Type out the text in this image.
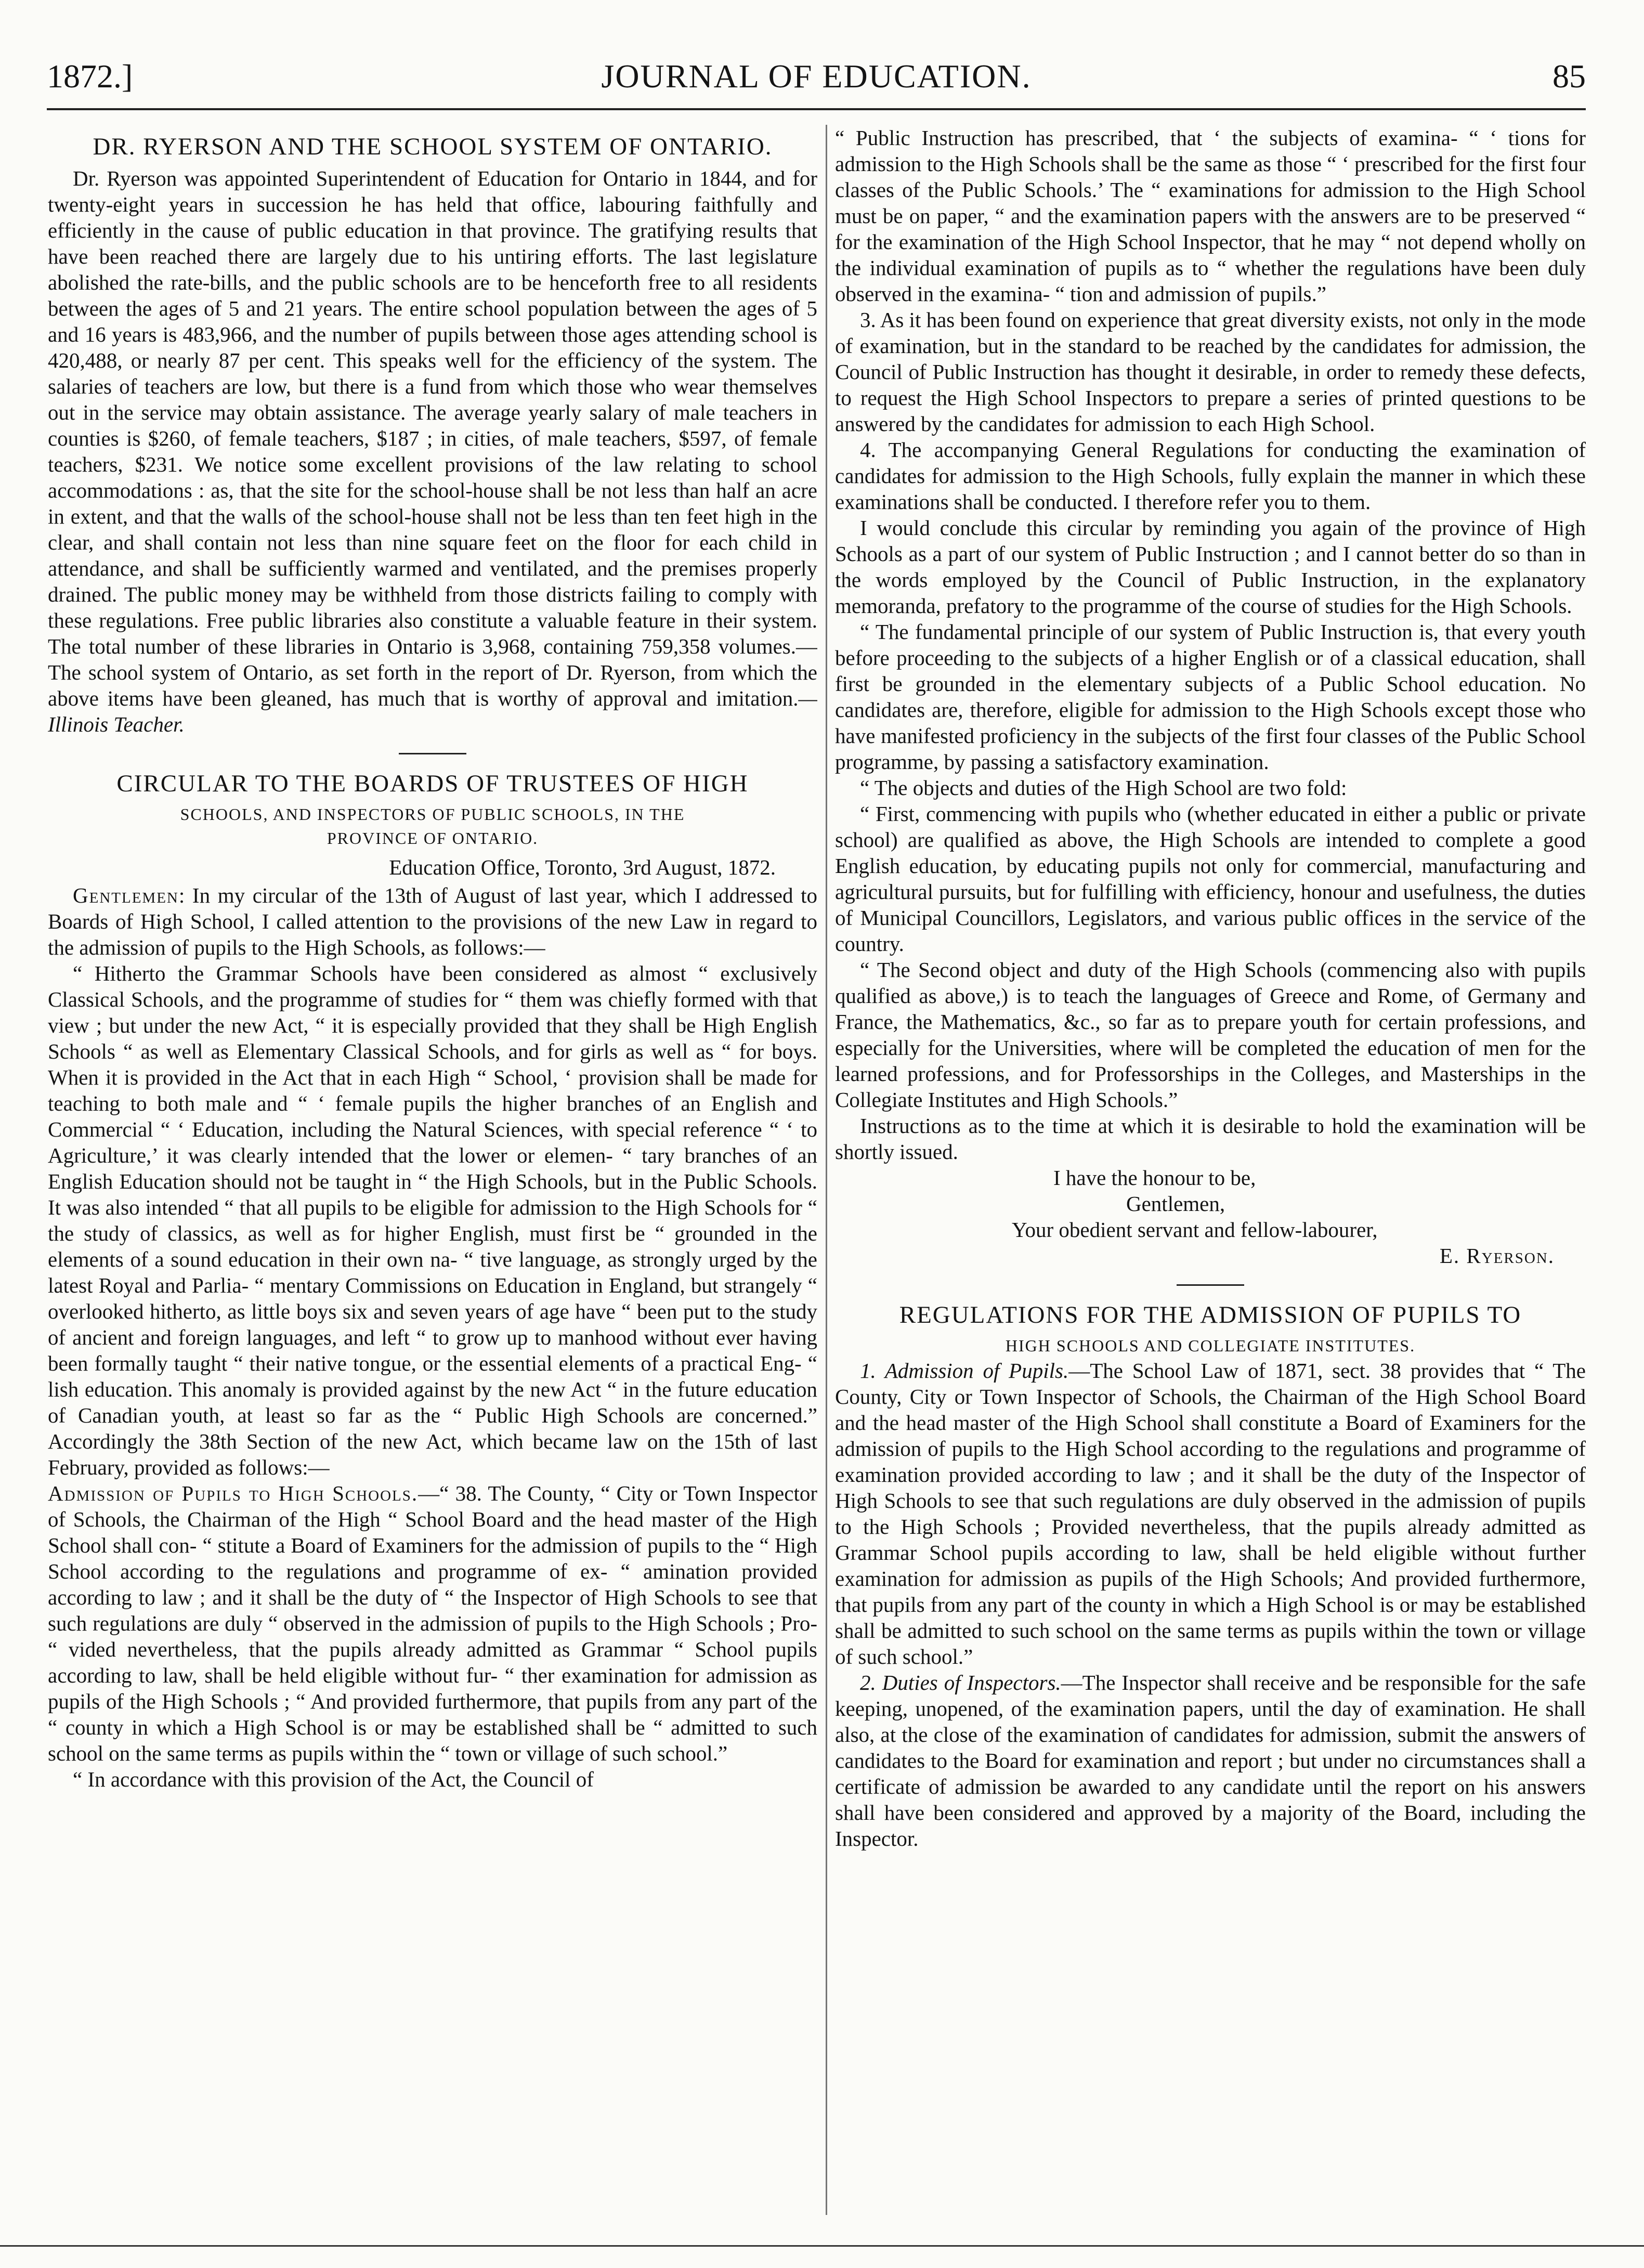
1872.]	JOURNAL OF EDUCATION.	85
DR. RYERSON AND THE SCHOOL SYSTEM OF ONTARIO.

Dr. Ryerson was appointed Superintendent of Education for Ontario in 1844, and for twenty-eight years in succession he has held that office, labouring faithfully and efficiently in the cause of public education in that province. The gratifying results that have been reached there are largely due to his untiring efforts. The last legislature abolished the rate-bills, and the public schools are to be henceforth free to all residents between the ages of 5 and 21 years. The entire school population between the ages of 5 and 16 years is 483,966, and the number of pupils between those ages attending school is 420,488, or nearly 87 per cent. This speaks well for the efficiency of the system. The salaries of teachers are low, but there is a fund from which those who wear themselves out in the service may obtain assistance. The average yearly salary of male teachers in counties is $260, of female teachers, $187 ; in cities, of male teachers, $597, of female teachers, $231. We notice some excellent provisions of the law relating to school accommodations : as, that the site for the school-house shall be not less than half an acre in extent, and that the walls of the school-house shall not be less than ten feet high in the clear, and shall contain not less than nine square feet on the floor for each child in attendance, and shall be sufficiently warmed and ventilated, and the premises properly drained. The public money may be withheld from those districts failing to comply with these regulations. Free public libraries also constitute a valuable feature in their system. The total number of these libraries in Ontario is 3,968, containing 759,358 volumes.— The school system of Ontario, as set forth in the report of Dr. Ryerson, from which the above items have been gleaned, has much that is worthy of approval and imitation.—Illinois Teacher.

CIRCULAR TO THE BOARDS OF TRUSTEES OF HIGH
SCHOOLS, AND INSPECTORS OF PUBLIC SCHOOLS, IN THE
PROVINCE OF ONTARIO.

Education Office, Toronto, 3rd August, 1872.

Gentlemen: In my circular of the 13th of August of last year, which I addressed to Boards of High School, I called attention to the provisions of the new Law in regard to the admission of pupils to the High Schools, as follows:—

“ Hitherto the Grammar Schools have been considered as almost “ exclusively Classical Schools, and the programme of studies for “ them was chiefly formed with that view ; but under the new Act, “ it is especially provided that they shall be High English Schools “ as well as Elementary Classical Schools, and for girls as well as “ for boys. When it is provided in the Act that in each High “ School, ‘ provision shall be made for teaching to both male and “ ‘ female pupils the higher branches of an English and Commercial “ ‘ Education, including the Natural Sciences, with special reference “ ‘ to Agriculture,’ it was clearly intended that the lower or elemen- “ tary branches of an English Education should not be taught in “ the High Schools, but in the Public Schools. It was also intended “ that all pupils to be eligible for admission to the High Schools for “ the study of classics, as well as for higher English, must first be “ grounded in the elements of a sound education in their own na- “ tive language, as strongly urged by the latest Royal and Parlia- “ mentary Commissions on Education in England, but strangely “ overlooked hitherto, as little boys six and seven years of age have “ been put to the study of ancient and foreign languages, and left “ to grow up to manhood without ever having been formally taught “ their native tongue, or the essential elements of a practical Eng- “ lish education. This anomaly is provided against by the new Act “ in the future education of Canadian youth, at least so far as the “ Public High Schools are concerned.” Accordingly the 38th Section of the new Act, which became law on the 15th of last February, provided as follows:—

Admission of Pupils to High Schools.—“ 38. The County, “ City or Town Inspector of Schools, the Chairman of the High “ School Board and the head master of the High School shall con- “ stitute a Board of Examiners for the admission of pupils to the “ High School according to the regulations and programme of ex- “ amination provided according to law ; and it shall be the duty of “ the Inspector of High Schools to see that such regulations are duly “ observed in the admission of pupils to the High Schools ; Pro- “ vided nevertheless, that the pupils already admitted as Grammar “ School pupils according to law, shall be held eligible without fur- “ ther examination for admission as pupils of the High Schools ; “ And provided furthermore, that pupils from any part of the “ county in which a High School is or may be established shall be “ admitted to such school on the same terms as pupils within the “ town or village of such school.”

“ In accordance with this provision of the Act, the Council of

“ Public Instruction has prescribed, that ‘ the subjects of examina- “ ‘ tions for admission to the High Schools shall be the same as those “ ‘ prescribed for the first four classes of the Public Schools.’ The “ examinations for admission to the High School must be on paper, “ and the examination papers with the answers are to be preserved “ for the examination of the High School Inspector, that he may “ not depend wholly on the individual examination of pupils as to “ whether the regulations have been duly observed in the examina- “ tion and admission of pupils.”

3. As it has been found on experience that great diversity exists, not only in the mode of examination, but in the standard to be reached by the candidates for admission, the Council of Public Instruction has thought it desirable, in order to remedy these defects, to request the High School Inspectors to prepare a series of printed questions to be answered by the candidates for admission to each High School.

4. The accompanying General Regulations for conducting the examination of candidates for admission to the High Schools, fully explain the manner in which these examinations shall be conducted. I therefore refer you to them.

I would conclude this circular by reminding you again of the province of High Schools as a part of our system of Public Instruction ; and I cannot better do so than in the words employed by the Council of Public Instruction, in the explanatory memoranda, prefatory to the programme of the course of studies for the High Schools.

“ The fundamental principle of our system of Public Instruction is, that every youth before proceeding to the subjects of a higher English or of a classical education, shall first be grounded in the elementary subjects of a Public School education. No candidates are, therefore, eligible for admission to the High Schools except those who have manifested proficiency in the subjects of the first four classes of the Public School programme, by passing a satisfactory examination.

“ The objects and duties of the High School are two fold:

“ First, commencing with pupils who (whether educated in either a public or private school) are qualified as above, the High Schools are intended to complete a good English education, by educating pupils not only for commercial, manufacturing and agricultural pursuits, but for fulfilling with efficiency, honour and usefulness, the duties of Municipal Councillors, Legislators, and various public offices in the service of the country.

“ The Second object and duty of the High Schools (commencing also with pupils qualified as above,) is to teach the languages of Greece and Rome, of Germany and France, the Mathematics, &c., so far as to prepare youth for certain professions, and especially for the Universities, where will be completed the education of men for the learned professions, and for Professorships in the Colleges, and Masterships in the Collegiate Institutes and High Schools.”

Instructions as to the time at which it is desirable to hold the examination will be shortly issued.

I have the honour to be,

Gentlemen,

Your obedient servant and fellow-labourer,

E. Ryerson.

REGULATIONS FOR THE ADMISSION OF PUPILS TO
HIGH SCHOOLS AND COLLEGIATE INSTITUTES.

1. Admission of Pupils.—The School Law of 1871, sect. 38 provides that “ The County, City or Town Inspector of Schools, the Chairman of the High School Board and the head master of the High School shall constitute a Board of Examiners for the admission of pupils to the High School according to the regulations and programme of examination provided according to law ; and it shall be the duty of the Inspector of High Schools to see that such regulations are duly observed in the admission of pupils to the High Schools ; Provided nevertheless, that the pupils already admitted as Grammar School pupils according to law, shall be held eligible without further examination for admission as pupils of the High Schools; And provided furthermore, that pupils from any part of the county in which a High School is or may be established shall be admitted to such school on the same terms as pupils within the town or village of such school.”

2. Duties of Inspectors.—The Inspector shall receive and be responsible for the safe keeping, unopened, of the examination papers, until the day of examination. He shall also, at the close of the examination of candidates for admission, submit the answers of candidates to the Board for examination and report ; but under no circumstances shall a certificate of admission be awarded to any candidate until the report on his answers shall have been considered and approved by a majority of the Board, including the Inspector.
